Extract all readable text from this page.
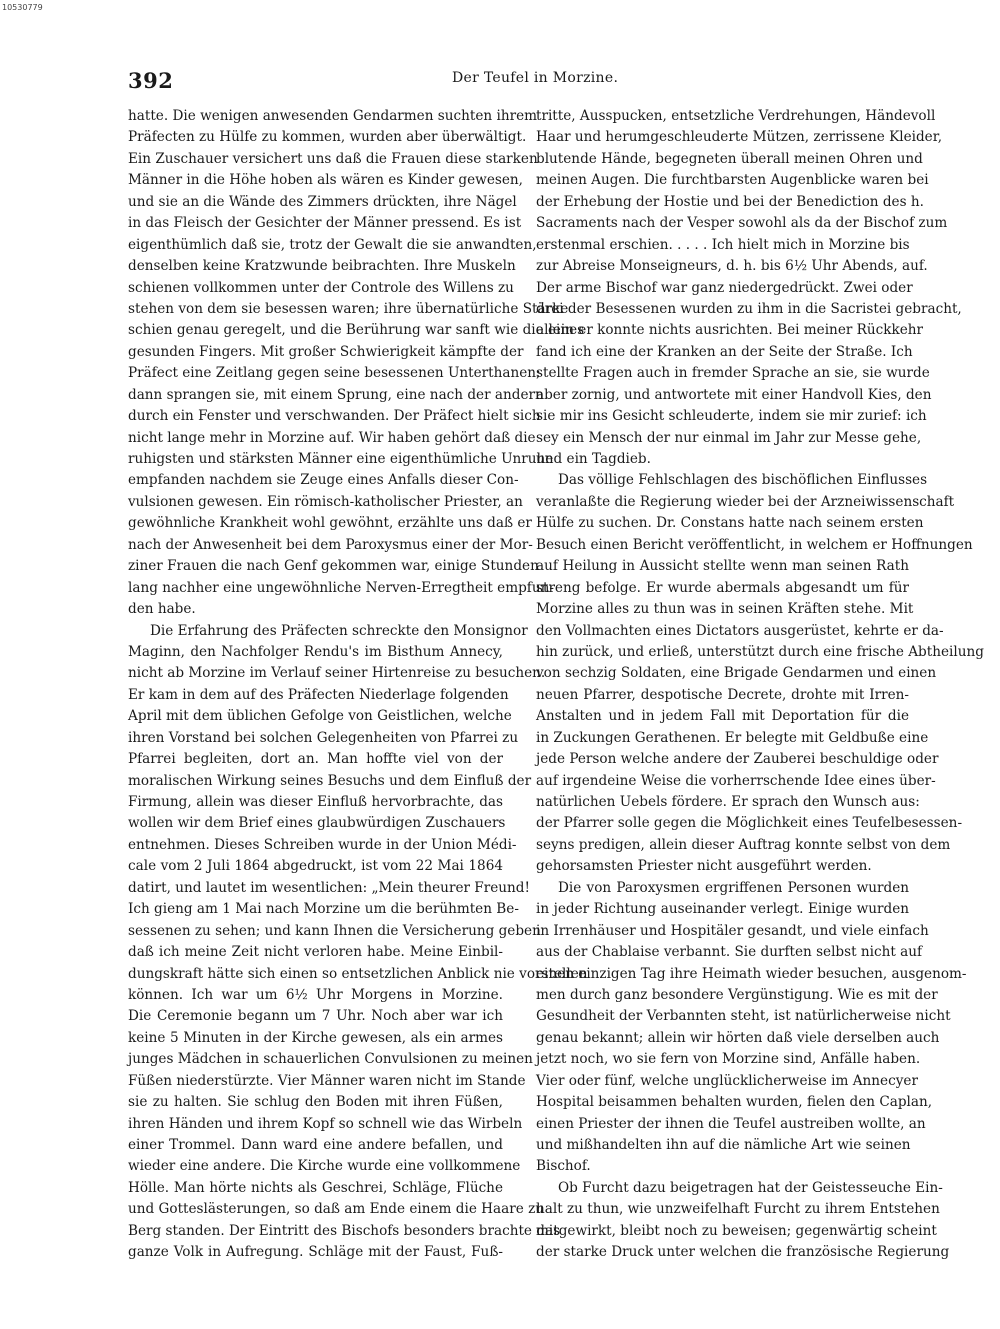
10530779
392	Der Teufel in Morzine.
hatte. Die wenigen anwesenden Gendarmen suchten ihrem
Präfecten zu Hülfe zu kommen, wurden aber überwältigt.
Ein Zuschauer versichert uns daß die Frauen diese starken
Männer in die Höhe hoben als wären es Kinder gewesen,
und sie an die Wände des Zimmers drückten, ihre Nägel
in das Fleisch der Gesichter der Männer pressend. Es ist
eigenthümlich daß sie, trotz der Gewalt die sie anwandten,
denselben keine Kratzwunde beibrachten. Ihre Muskeln
schienen vollkommen unter der Controle des Willens zu
stehen von dem sie besessen waren; ihre übernatürliche Stärke
schien genau geregelt, und die Berührung war sanft wie die eines
gesunden Fingers. Mit großer Schwierigkeit kämpfte der
Präfect eine Zeitlang gegen seine besessenen Unterthanen;
dann sprangen sie, mit einem Sprung, eine nach der andern
durch ein Fenster und verschwanden. Der Präfect hielt sich
nicht lange mehr in Morzine auf. Wir haben gehört daß die
ruhigsten und stärksten Männer eine eigenthümliche Unruhe
empfanden nachdem sie Zeuge eines Anfalls dieser Con-
vulsionen gewesen. Ein römisch-katholischer Priester, an
gewöhnliche Krankheit wohl gewöhnt, erzählte uns daß er
nach der Anwesenheit bei dem Paroxysmus einer der Mor-
ziner Frauen die nach Genf gekommen war, einige Stunden
lang nachher eine ungewöhnliche Nerven-Erregtheit empfun-
den habe.
Die Erfahrung des Präfecten schreckte den Monsignor
Maginn, den Nachfolger Rendu's im Bisthum Annecy,
nicht ab Morzine im Verlauf seiner Hirtenreise zu besuchen.
Er kam in dem auf des Präfecten Niederlage folgenden
April mit dem üblichen Gefolge von Geistlichen, welche
ihren Vorstand bei solchen Gelegenheiten von Pfarrei zu
Pfarrei begleiten, dort an. Man hoffte viel von der
moralischen Wirkung seines Besuchs und dem Einfluß der
Firmung, allein was dieser Einfluß hervorbrachte, das
wollen wir dem Brief eines glaubwürdigen Zuschauers
entnehmen. Dieses Schreiben wurde in der Union Médi-
cale vom 2 Juli 1864 abgedruckt, ist vom 22 Mai 1864
datirt, und lautet im wesentlichen: „Mein theurer Freund!
Ich gieng am 1 Mai nach Morzine um die berühmten Be-
sessenen zu sehen; und kann Ihnen die Versicherung geben
daß ich meine Zeit nicht verloren habe. Meine Einbil-
dungskraft hätte sich einen so entsetzlichen Anblick nie vorstellen
können. Ich war um 6½ Uhr Morgens in Morzine.
Die Ceremonie begann um 7 Uhr. Noch aber war ich
keine 5 Minuten in der Kirche gewesen, als ein armes
junges Mädchen in schauerlichen Convulsionen zu meinen
Füßen niederstürzte. Vier Männer waren nicht im Stande
sie zu halten. Sie schlug den Boden mit ihren Füßen,
ihren Händen und ihrem Kopf so schnell wie das Wirbeln
einer Trommel. Dann ward eine andere befallen, und
wieder eine andere. Die Kirche wurde eine vollkommene
Hölle. Man hörte nichts als Geschrei, Schläge, Flüche
und Gotteslästerungen, so daß am Ende einem die Haare zu
Berg standen. Der Eintritt des Bischofs besonders brachte das
ganze Volk in Aufregung. Schläge mit der Faust, Fuß-
tritte, Ausspucken, entsetzliche Verdrehungen, Händevoll
Haar und herumgeschleuderte Mützen, zerrissene Kleider,
blutende Hände, begegneten überall meinen Ohren und
meinen Augen. Die furchtbarsten Augenblicke waren bei
der Erhebung der Hostie und bei der Benediction des h.
Sacraments nach der Vesper sowohl als da der Bischof zum
erstenmal erschien. . . . . Ich hielt mich in Morzine bis
zur Abreise Monseigneurs, d. h. bis 6½ Uhr Abends, auf.
Der arme Bischof war ganz niedergedrückt. Zwei oder
drei der Besessenen wurden zu ihm in die Sacristei gebracht,
allein er konnte nichts ausrichten. Bei meiner Rückkehr
fand ich eine der Kranken an der Seite der Straße. Ich
stellte Fragen auch in fremder Sprache an sie, sie wurde
aber zornig, und antwortete mit einer Handvoll Kies, den
sie mir ins Gesicht schleuderte, indem sie mir zurief: ich
sey ein Mensch der nur einmal im Jahr zur Messe gehe,
und ein Tagdieb.
Das völlige Fehlschlagen des bischöflichen Einflusses
veranlaßte die Regierung wieder bei der Arzneiwissenschaft
Hülfe zu suchen. Dr. Constans hatte nach seinem ersten
Besuch einen Bericht veröffentlicht, in welchem er Hoffnungen
auf Heilung in Aussicht stellte wenn man seinen Rath
streng befolge. Er wurde abermals abgesandt um für
Morzine alles zu thun was in seinen Kräften stehe. Mit
den Vollmachten eines Dictators ausgerüstet, kehrte er da-
hin zurück, und erließ, unterstützt durch eine frische Abtheilung
von sechzig Soldaten, eine Brigade Gendarmen und einen
neuen Pfarrer, despotische Decrete, drohte mit Irren-
Anstalten und in jedem Fall mit Deportation für die
in Zuckungen Gerathenen. Er belegte mit Geldbuße eine
jede Person welche andere der Zauberei beschuldige oder
auf irgendeine Weise die vorherrschende Idee eines über-
natürlichen Uebels fördere. Er sprach den Wunsch aus:
der Pfarrer solle gegen die Möglichkeit eines Teufelbesessen-
seyns predigen, allein dieser Auftrag konnte selbst von dem
gehorsamsten Priester nicht ausgeführt werden.
Die von Paroxysmen ergriffenen Personen wurden
in jeder Richtung auseinander verlegt. Einige wurden
in Irrenhäuser und Hospitäler gesandt, und viele einfach
aus der Chablaise verbannt. Sie durften selbst nicht auf
einen einzigen Tag ihre Heimath wieder besuchen, ausgenom-
men durch ganz besondere Vergünstigung. Wie es mit der
Gesundheit der Verbannten steht, ist natürlicherweise nicht
genau bekannt; allein wir hörten daß viele derselben auch
jetzt noch, wo sie fern von Morzine sind, Anfälle haben.
Vier oder fünf, welche unglücklicherweise im Annecyer
Hospital beisammen behalten wurden, fielen den Caplan,
einen Priester der ihnen die Teufel austreiben wollte, an
und mißhandelten ihn auf die nämliche Art wie seinen
Bischof.
Ob Furcht dazu beigetragen hat der Geistesseuche Ein-
halt zu thun, wie unzweifelhaft Furcht zu ihrem Entstehen
mitgewirkt, bleibt noch zu beweisen; gegenwärtig scheint
der starke Druck unter welchen die französische Regierung
